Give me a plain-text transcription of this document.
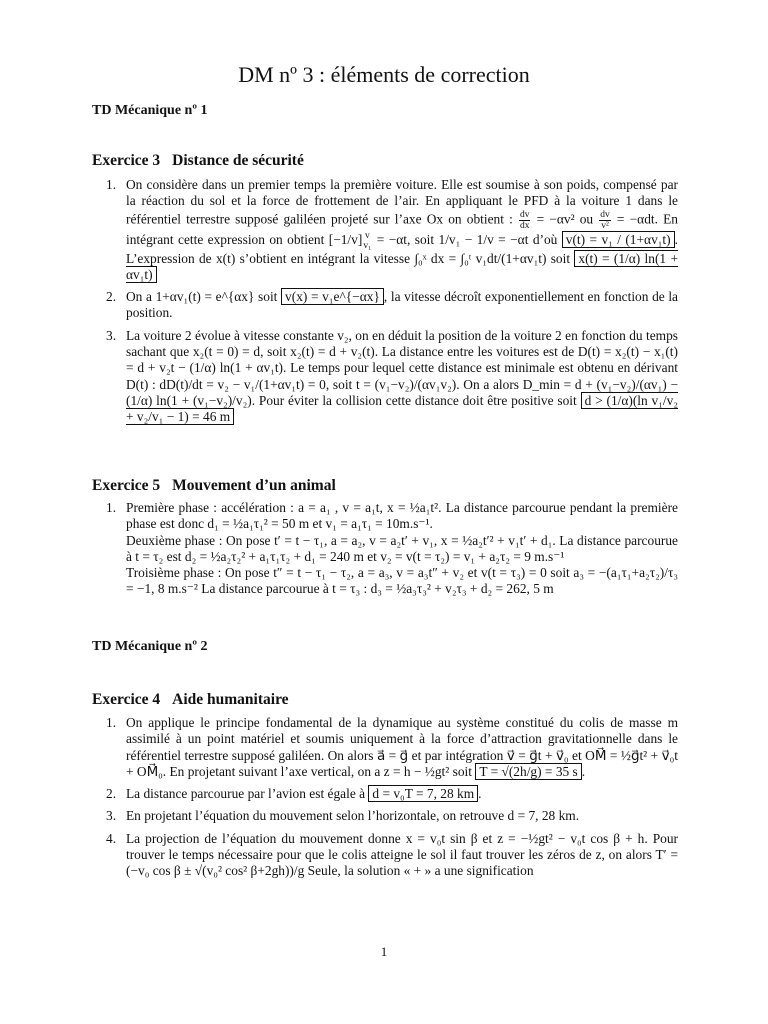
DM nº 3 : éléments de correction

TD Mécanique nº 1

Exercice 3 Distance de sécurité

1. On considère dans un premier temps la première voiture. Elle est soumise à son poids, compensé par la réaction du sol et la force de frottement de l’air. En appliquant le PFD à la voiture 1 dans le référentiel terrestre supposé galiléen projeté sur l’axe Ox on obtient : $\frac{dv}{dx} = -\alpha v^2$ ou $\frac{dv}{\text{v²}} = -\alpha dt$. En intégrant cette expression on obtient [−1/v] v
v₁ = −αt, soit 1/v₁ − 1/v = −αt d’où v(t) = v₁ / (1+αv₁t) . L’expression de x(t) s’obtient en intégrant la vitesse ∫₀ˣ dx = ∫₀ᵗ v₁dt/(1+αv₁t) soit x(t) = (1/α) ln(1 + αv₁t)
2. On a 1+αv₁(t) = e^{αx} soit v(x) = v₁e^{−αx} , la vitesse décroît exponentiellement en fonction de la position.
3. La voiture 2 évolue à vitesse constante v₂, on en déduit la position de la voiture 2 en fonction du temps sachant que x₂(t = 0) = d, soit x₂(t) = d + v₂(t). La distance entre les voitures est de D(t) = x₂(t) − x₁(t) = d + v₂t − (1/α) ln(1 + αv₁t). Le temps pour lequel cette distance est minimale est obtenu en dérivant D(t) : dD(t)/dt = v₂ − v₁/(1+αv₁t) = 0, soit t = (v₁−v₂)/(αv₁v₂). On a alors D_min = d + (v₁−v₂)/(αv₁) − (1/α) ln(1 + (v₁−v₂)/v₂). Pour éviter la collision cette distance doit être positive soit d > (1/α)(ln v₁/v₂ + v₂/v₁ − 1) = 46 m

Exercice 5 Mouvement d’un animal

1. Première phase : accélération : a = a₁ , v = a₁t, x = ½a₁t². La distance parcourue pendant la première phase est donc d₁ = ½a₁τ₁² = 50 m et v₁ = a₁τ₁ = 10m.s⁻¹.

Deuxième phase : On pose t′ = t − τ₁, a = a₂, v = a₂t′ + v₁, x = ½a₂t′² + v₁t′ + d₁. La distance parcourue à t = τ₂ est d₂ = ½a₂τ₂² + a₁τ₁τ₂ + d₁ = 240 m et v₂ = v(t = τ₂) = v₁ + a₂τ₂ = 9 m.s⁻¹

Troisième phase : On pose t″ = t − τ₁ − τ₂, a = a₃, v = a₃t″ + v₂ et v(t = τ₃) = 0 soit a₃ = −(a₁τ₁+a₂τ₂)/τ₃ = −1, 8 m.s⁻² La distance parcourue à t = τ₃ : d₃ = ½a₃τ₃² + v₂τ₃ + d₂ = 262, 5 m

TD Mécanique nº 2

Exercice 4 Aide humanitaire

1. On applique le principe fondamental de la dynamique au système constitué du colis de masse m assimilé à un point matériel et soumis uniquement à la force d’attraction gravitationnelle dans le référentiel terrestre supposé galiléen. On alors a⃗ = g⃗ et par intégration v⃗ = g⃗t + v⃗₀ et OM⃗ = ½g⃗t² + v⃗₀t + OM⃗₀. En projetant suivant l’axe vertical, on a z = h − ½gt² soit T = √(2h/g) = 35 s .
2. La distance parcourue par l’avion est égale à d = v₀T = 7, 28 km .
3. En projetant l’équation du mouvement selon l’horizontale, on retrouve d = 7, 28 km.
4. La projection de l’équation du mouvement donne x = v₀t sin β et z = −½gt² − v₀t cos β + h. Pour trouver le temps nécessaire pour que le colis atteigne le sol il faut trouver les zéros de z, on alors T′ = (−v₀ cos β ± √(v₀² cos² β+2gh))/g Seule, la solution « + » a une signification
1
